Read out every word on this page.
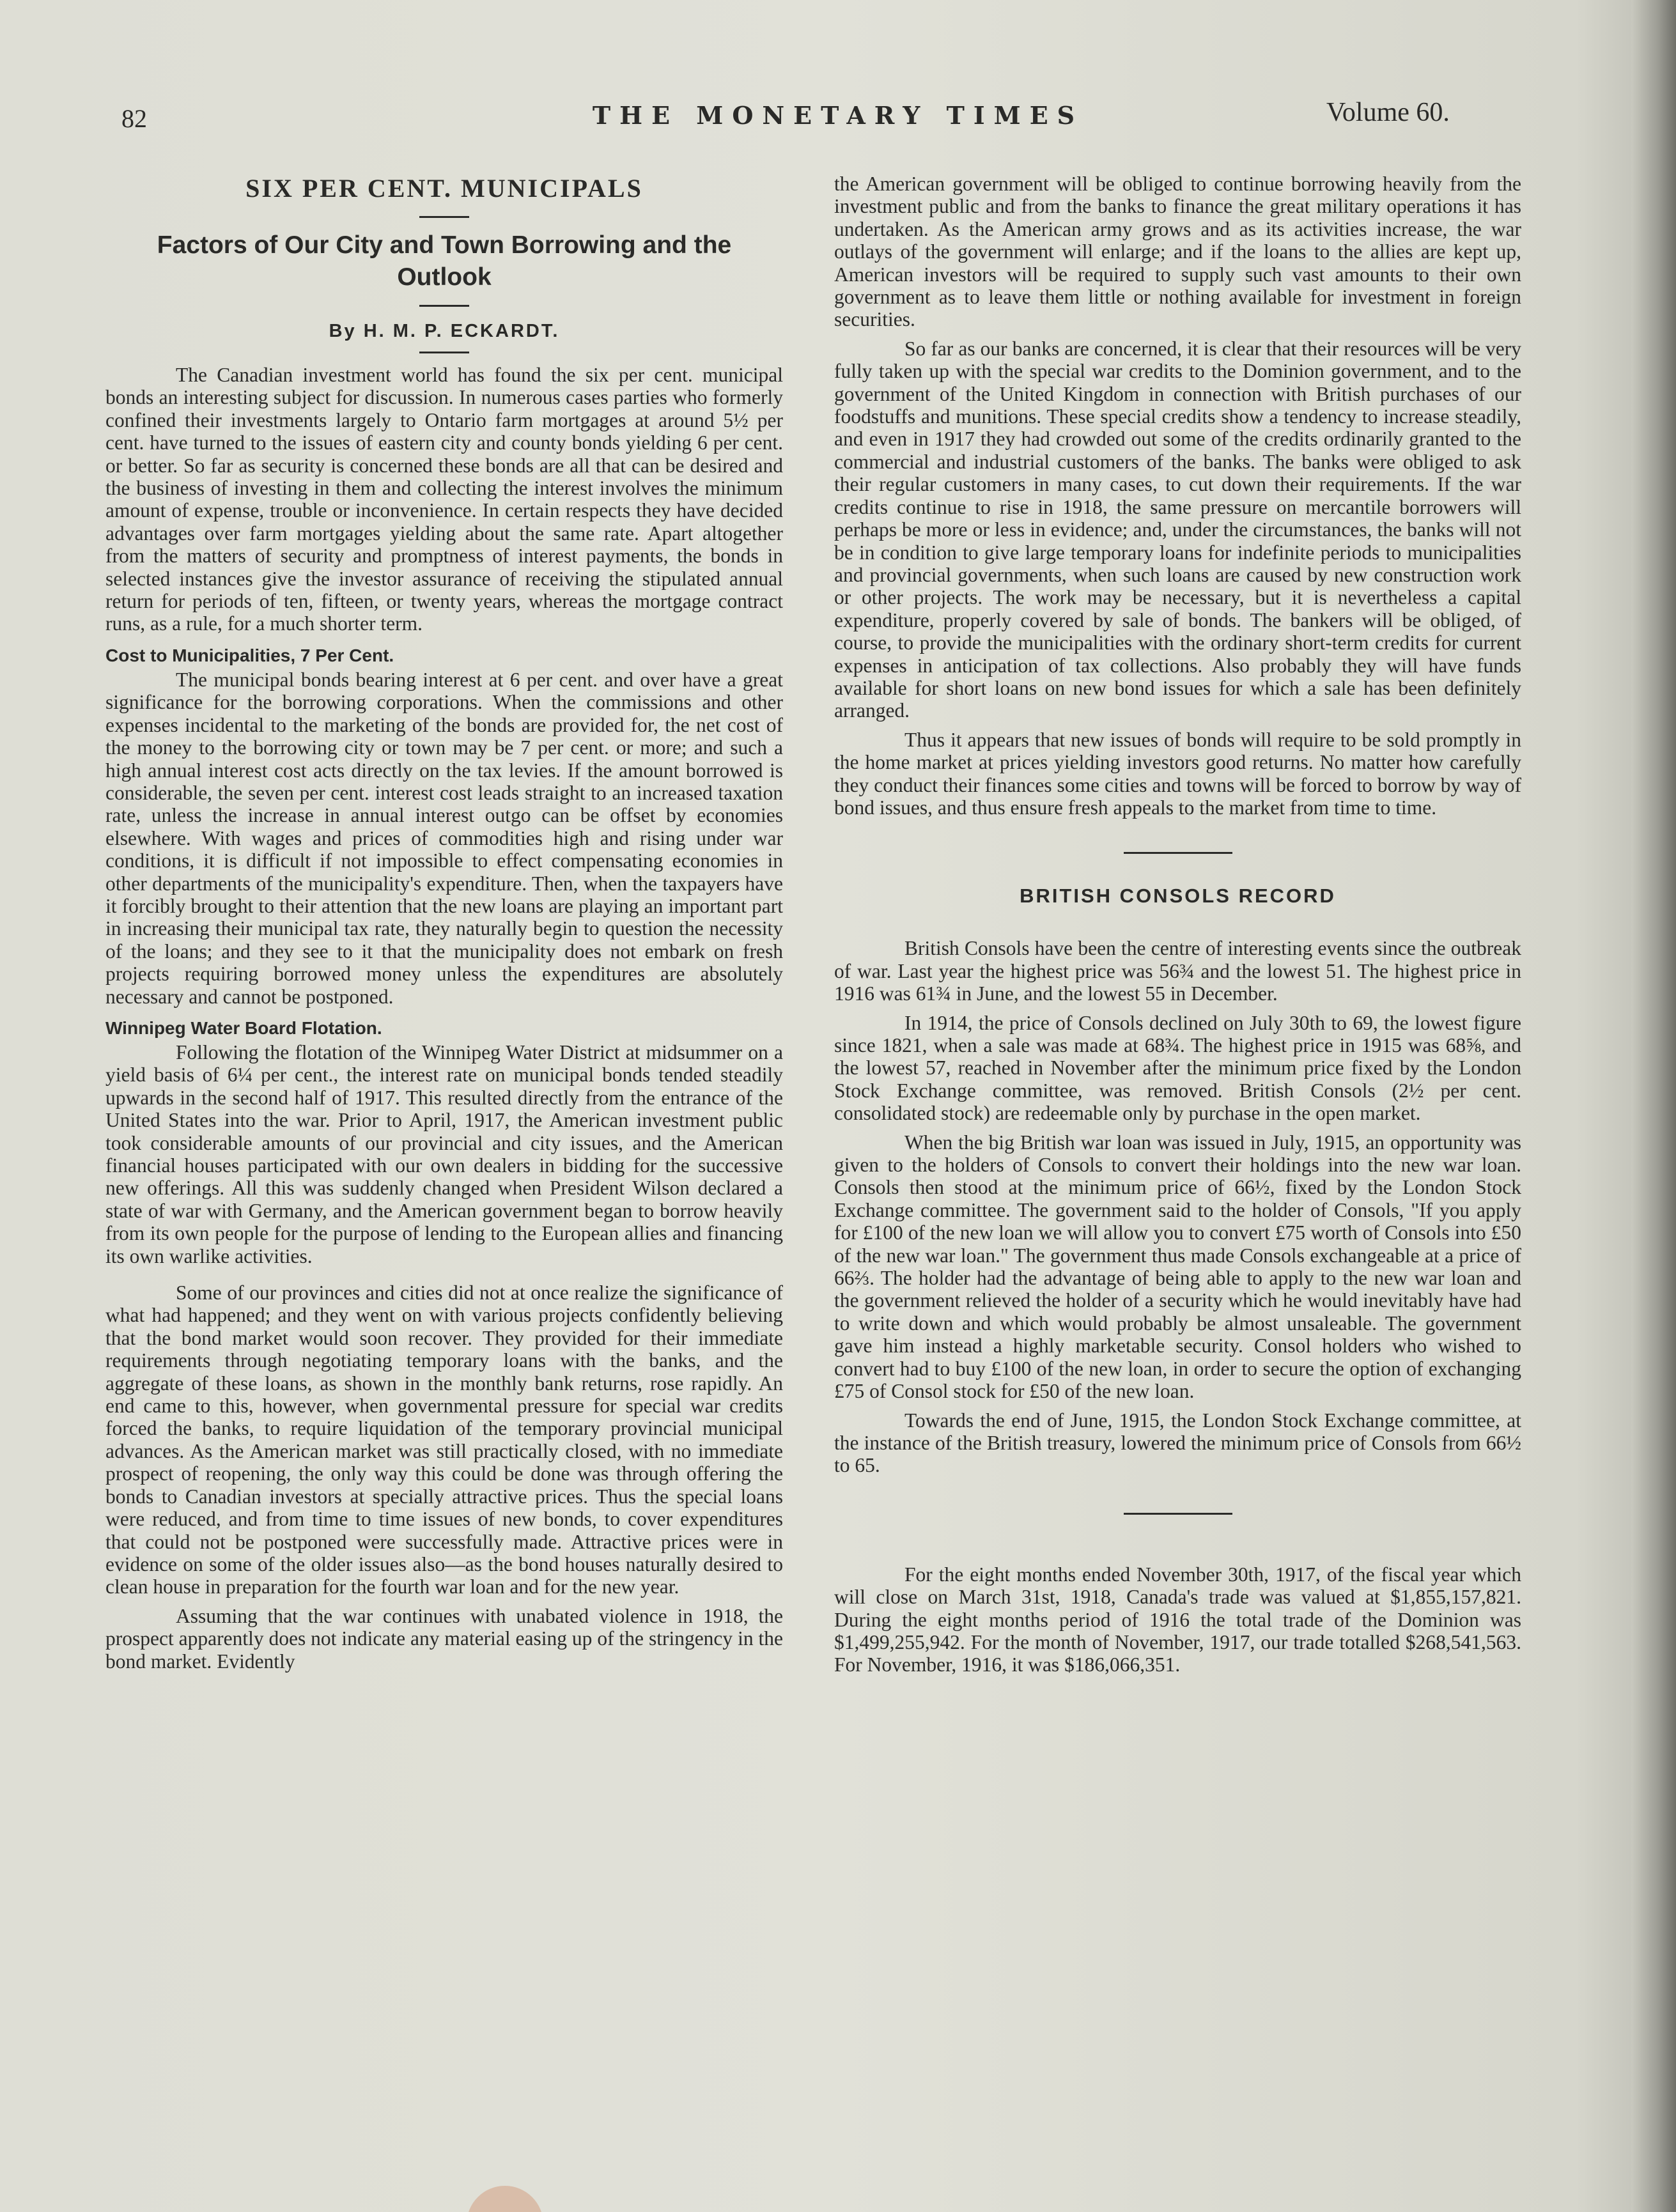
82	THE MONETARY TIMES	Volume 60.
SIX PER CENT. MUNICIPALS
Factors of Our City and Town Borrowing and the Outlook

By H. M. P. ECKARDT.

The Canadian investment world has found the six per cent. municipal bonds an interesting subject for discussion. In numerous cases parties who formerly confined their investments largely to Ontario farm mortgages at around 5½ per cent. have turned to the issues of eastern city and county bonds yielding 6 per cent. or better. So far as security is concerned these bonds are all that can be desired and the business of investing in them and collecting the interest involves the minimum amount of expense, trouble or inconvenience. In certain respects they have decided advantages over farm mortgages yielding about the same rate. Apart altogether from the matters of security and promptness of interest payments, the bonds in selected instances give the investor assurance of receiving the stipulated annual return for periods of ten, fifteen, or twenty years, whereas the mortgage contract runs, as a rule, for a much shorter term.

Cost to Municipalities, 7 Per Cent.

The municipal bonds bearing interest at 6 per cent. and over have a great significance for the borrowing corporations. When the commissions and other expenses incidental to the marketing of the bonds are provided for, the net cost of the money to the borrowing city or town may be 7 per cent. or more; and such a high annual interest cost acts directly on the tax levies. If the amount borrowed is considerable, the seven per cent. interest cost leads straight to an increased taxation rate, unless the increase in annual interest outgo can be offset by economies elsewhere. With wages and prices of commodities high and rising under war conditions, it is difficult if not impossible to effect compensating economies in other departments of the municipality's expenditure. Then, when the taxpayers have it forcibly brought to their attention that the new loans are playing an important part in increasing their municipal tax rate, they naturally begin to question the necessity of the loans; and they see to it that the municipality does not embark on fresh projects requiring borrowed money unless the expenditures are absolutely necessary and cannot be postponed.

Winnipeg Water Board Flotation.

Following the flotation of the Winnipeg Water District at midsummer on a yield basis of 6¼ per cent., the interest rate on municipal bonds tended steadily upwards in the second half of 1917. This resulted directly from the entrance of the United States into the war. Prior to April, 1917, the American investment public took considerable amounts of our provincial and city issues, and the American financial houses participated with our own dealers in bidding for the successive new offerings. All this was suddenly changed when President Wilson declared a state of war with Germany, and the American government began to borrow heavily from its own people for the purpose of lending to the European allies and financing its own warlike activities.

Some of our provinces and cities did not at once realize the significance of what had happened; and they went on with various projects confidently believing that the bond market would soon recover. They provided for their immediate requirements through negotiating temporary loans with the banks, and the aggregate of these loans, as shown in the monthly bank returns, rose rapidly. An end came to this, however, when governmental pressure for special war credits forced the banks, to require liquidation of the temporary provincial municipal advances. As the American market was still practically closed, with no immediate prospect of reopening, the only way this could be done was through offering the bonds to Canadian investors at specially attractive prices. Thus the special loans were reduced, and from time to time issues of new bonds, to cover expenditures that could not be postponed were successfully made. Attractive prices were in evidence on some of the older issues also—as the bond houses naturally desired to clean house in preparation for the fourth war loan and for the new year.

Assuming that the war continues with unabated violence in 1918, the prospect apparently does not indicate any material easing up of the stringency in the bond market. Evidently

the American government will be obliged to continue borrowing heavily from the investment public and from the banks to finance the great military operations it has undertaken. As the American army grows and as its activities increase, the war outlays of the government will enlarge; and if the loans to the allies are kept up, American investors will be required to supply such vast amounts to their own government as to leave them little or nothing available for investment in foreign securities.

So far as our banks are concerned, it is clear that their resources will be very fully taken up with the special war credits to the Dominion government, and to the government of the United Kingdom in connection with British purchases of our foodstuffs and munitions. These special credits show a tendency to increase steadily, and even in 1917 they had crowded out some of the credits ordinarily granted to the commercial and industrial customers of the banks. The banks were obliged to ask their regular customers in many cases, to cut down their requirements. If the war credits continue to rise in 1918, the same pressure on mercantile borrowers will perhaps be more or less in evidence; and, under the circumstances, the banks will not be in condition to give large temporary loans for indefinite periods to municipalities and provincial governments, when such loans are caused by new construction work or other projects. The work may be necessary, but it is nevertheless a capital expenditure, properly covered by sale of bonds. The bankers will be obliged, of course, to provide the municipalities with the ordinary short-term credits for current expenses in anticipation of tax collections. Also probably they will have funds available for short loans on new bond issues for which a sale has been definitely arranged.

Thus it appears that new issues of bonds will require to be sold promptly in the home market at prices yielding investors good returns. No matter how carefully they conduct their finances some cities and towns will be forced to borrow by way of bond issues, and thus ensure fresh appeals to the market from time to time.

BRITISH CONSOLS RECORD

British Consols have been the centre of interesting events since the outbreak of war. Last year the highest price was 56¾ and the lowest 51. The highest price in 1916 was 61¾ in June, and the lowest 55 in December.

In 1914, the price of Consols declined on July 30th to 69, the lowest figure since 1821, when a sale was made at 68¾. The highest price in 1915 was 68⅝, and the lowest 57, reached in November after the minimum price fixed by the London Stock Exchange committee, was removed. British Consols (2½ per cent. consolidated stock) are redeemable only by purchase in the open market.

When the big British war loan was issued in July, 1915, an opportunity was given to the holders of Consols to convert their holdings into the new war loan. Consols then stood at the minimum price of 66½, fixed by the London Stock Exchange committee. The government said to the holder of Consols, "If you apply for £100 of the new loan we will allow you to convert £75 worth of Consols into £50 of the new war loan." The government thus made Consols exchangeable at a price of 66⅔. The holder had the advantage of being able to apply to the new war loan and the government relieved the holder of a security which he would inevitably have had to write down and which would probably be almost unsaleable. The government gave him instead a highly marketable security. Consol holders who wished to convert had to buy £100 of the new loan, in order to secure the option of exchanging £75 of Consol stock for £50 of the new loan.

Towards the end of June, 1915, the London Stock Exchange committee, at the instance of the British treasury, lowered the minimum price of Consols from 66½ to 65.

For the eight months ended November 30th, 1917, of the fiscal year which will close on March 31st, 1918, Canada's trade was valued at $1,855,157,821. During the eight months period of 1916 the total trade of the Dominion was $1,499,255,942. For the month of November, 1917, our trade totalled $268,541,563. For November, 1916, it was $186,066,351.
